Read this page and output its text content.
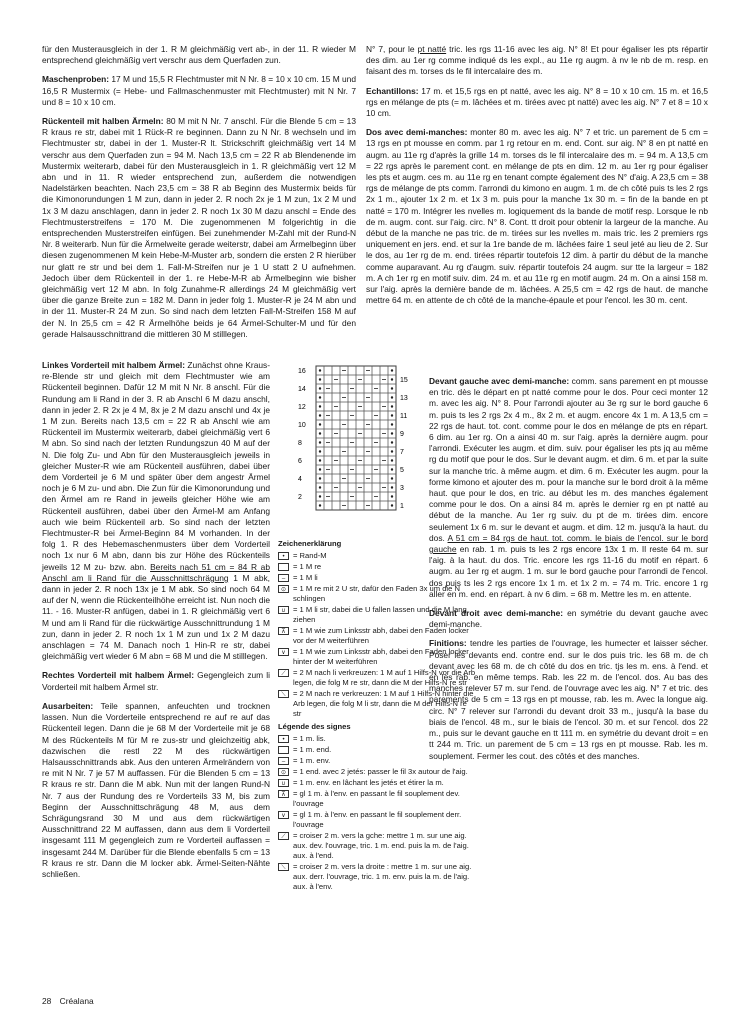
für den Musterausgleich in der 1. R M gleichmäßig vert ab-, in der 11. R wieder M entsprechend gleichmäßig vert verschr aus dem Querfaden zun.

Maschenproben: 17 M und 15,5 R Flechtmuster mit N Nr. 8 = 10 x 10 cm. 15 M und 16,5 R Mustermix (= Hebe- und Fallmaschenmuster mit Flechtmuster) mit N Nr. 7 und 8 = 10 x 10 cm.

Rückenteil mit halben Ärmeln: 80 M mit N Nr. 7 anschl. Für die Blende 5 cm = 13 R kraus re str, dabei mit 1 Rück-R re beginnen. Dann zu N Nr. 8 wechseln und im Flechtmuster str, dabei in der 1. Muster-R lt. Strickschrift gleichmäßig vert 14 M verschr aus dem Querfaden zun = 94 M. Nach 13,5 cm = 22 R ab Blendenende im Mustermix weiterarb, dabei für den Musterausgleich in 1. R gleichmäßig vert 12 M abn und in 11. R wieder entsprechend zun, außerdem die notwendigen Nadelstärken beachten. Nach 23,5 cm = 38 R ab Beginn des Mustermix beids für die Kimonorundungen 1 M zun, dann in jeder 2. R noch 2x je 1 M zun, 1x 2 M und 1x 3 M dazu anschlagen, dann in jeder 2. R noch 1x 30 M dazu anschl = Ende des Flechtmusterstreifens = 170 M. Die zugenommenen M folgerichtig in die entsprechenden Musterstreifen einfügen. Bei zunehmender M-Zahl mit der Rund-N Nr. 8 weiterarb. Nun für die Ärmelweite gerade weiterstr, dabei am Ärmelbeginn über diesen zugenommenen M kein Hebe-M-Muster arb, sondern die ersten 2 R hierüber nur glatt re str und bei dem 1. Fall-M-Streifen nur je 1 U statt 2 U aufnehmen. Jedoch über dem Rückenteil in der 1. re Hebe-M-R ab Ärmelbeginn wie bisher gleichmäßig vert 12 M abn. In folg Zunahme-R allerdings 24 M gleichmäßig vert über die ganze Breite zun = 182 M. Dann in jeder folg 1. Muster-R je 24 M abn und in der 11. Muster-R 24 M zun. So sind nach dem letzten Fall-M-Streifen 158 M auf der N. In 25,5 cm = 42 R Ärmelhöhe beids je 64 Ärmel-Schulter-M und für den gerade Halsausschnittrand die mittleren 30 M stilllegen.

N° 7, pour le pt natté tric. les rgs 11-16 avec les aig. N° 8! Et pour égaliser les pts répartir des dim. au 1er rg comme indiqué ds les expl., au 11e rg augm. à nv le nb de m. resp. en faisant des m. torses ds le fil intercalaire des m.

Echantillons: 17 m. et 15,5 rgs en pt natté, avec les aig. N° 8 = 10 x 10 cm. 15 m. et 16,5 rgs en mélange de pts (= m. lâchées et m. tirées avec pt natté) avec les aig. N° 7 et 8 = 10 x 10 cm.

Dos avec demi-manches: monter 80 m. avec les aig. N° 7 et tric. un parement de 5 cm = 13 rgs en pt mousse en comm. par 1 rg retour en m. end. Cont. sur aig. N° 8 en pt natté en augm. au 11e rg d'après la grille 14 m. torses ds le fil intercalaire des m. = 94 m. A 13,5 cm = 22 rgs après le parement cont. en mélange de pts en dim. 12 m. au 1er rg pour égaliser les pts et augm. ces m. au 11e rg en tenant compte également des N° d'aig. A 23,5 cm = 38 rgs de mélange de pts comm. l'arrondi du kimono en augm. 1 m. de ch côté puis ts les 2 rgs 2x 1 m., ajouter 1x 2 m. et 1x 3 m. puis pour la manche 1x 30 m. = fin de la bande en pt natté = 170 m. Intégrer les nvelles m. logiquement ds la bande de motif resp. Lorsque le nb de m. augm. cont. sur l'aig. circ. N° 8. Cont. tt droit pour obtenir la largeur de la manche. Au début de la manche ne pas tric. de m. tirées sur les nvelles m. mais tric. les 2 premiers rgs uniquement en jers. end. et sur la 1re bande de m. lâchées faire 1 seul jeté au lieu de 2. Sur le dos, au 1er rg de m. end. tirées répartir toutefois 12 dim. à partir du début de la manche comme auparavant. Au rg d'augm. suiv. répartir toutefois 24 augm. sur tte la largeur = 182 m. A ch 1er rg en motif suiv. dim. 24 m. et au 11e rg en motif augm. 24 m. On a ainsi 158 m. sur l'aig. après la dernière bande de m. lâchées. A 25,5 cm = 42 rgs de haut. de manche mettre 64 m. en attente de ch côté de la manche-épaule et pour l'encol. les 30 m. cent.

Linkes Vorderteil mit halbem Ärmel: Zunächst ohne Kraus-re-Blende str und gleich mit dem Flechtmuster wie am Rückenteil beginnen. Dafür 12 M mit N Nr. 8 anschl. Für die Rundung am li Rand in der 3. R ab Anschl 6 M dazu anschl, dann in jeder 2. R 2x je 4 M, 8x je 2 M dazu anschl und 4x je 1 M zun. Bereits nach 13,5 cm = 22 R ab Anschl wie am Rückenteil im Mustermix weiterarb, dabei gleichmäßig vert 6 M abn. So sind nach der letzten Rundungszun 40 M auf der N. Die folg Zu- und Abn für den Musterausgleich jeweils in gleicher Muster-R wie am Rückenteil ausführen, dabei über dem Vorderteil je 6 M und später über dem angestr Ärmel noch je 6 M zu- und abn. Die Zun für die Kimonorundung und den Ärmel am re Rand in jeweils gleicher Höhe wie am Rückenteil ausführen, dabei über den Ärmel-M am Anfang auch wie beim Rückenteil arb. So sind nach der letzten Flechtmuster-R bei Ärmel-Beginn 84 M vorhanden. In der folg 1. R des Hebemaschenmusters über dem Vorderteil noch 1x nur 6 M abn, dann bis zur Höhe des Rückenteils jeweils 12 M zu- bzw. abn. Bereits nach 51 cm = 84 R ab Anschl am li Rand für die Ausschnittschrägung 1 M abk, dann in jeder 2. R noch 13x je 1 M abk. So sind noch 64 M auf der N, wenn die Rückenteilhöhe erreicht ist. Nun noch die 11. - 16. Muster-R anfügen, dabei in 1. R gleichmäßig vert 6 M und am li Rand für die rückwärtige Ausschnittrundung 1 M zun, dann in jeder 2. R noch 1x 1 M zun und 1x 2 M dazu anschlagen = 74 M. Danach noch 1 Hin-R re str, dabei gleichmäßig vert wieder 6 M abn = 68 M und die M stilllegen.

Rechtes Vorderteil mit halbem Ärmel: Gegengleich zum li Vorderteil mit halbem Ärmel str.

Ausarbeiten: Teile spannen, anfeuchten und trocknen lassen. Nun die Vorderteile entsprechend re auf re auf das Rückenteil legen. Dann die je 68 M der Vorderteile mit je 68 M des Rückenteils M für M re zus-str und gleichzeitig abk, dazwischen die restl 22 M des rückwärtigen Halsausschnittrands abk. Aus den unteren Ärmelrändern von re mit N Nr. 7 je 57 M auffassen. Für die Blenden 5 cm = 13 R kraus re str. Dann die M abk. Nun mit der langen Rund-N Nr. 7 aus der Rundung des re Vorderteils 33 M, bis zum Beginn der Ausschnittschrägung 48 M, aus dem Schrägungsrand 30 M und aus dem rückwärtigen Ausschnittrand 22 M auffassen, dann aus dem li Vorderteil insgesamt 111 M gegengleich zum re Vorderteil auffassen = insgesamt 244 M. Darüber für die Blende ebenfalls 5 cm = 13 R kraus re str. Dann die M locker abk. Ärmel-Seiten-Nähte schließen.

Devant gauche avec demi-manche: comm. sans parement en pt mousse en tric. dès le départ en pt natté comme pour le dos. Pour ceci monter 12 m. avec les aig. N° 8. Pour l'arrondi ajouter au 3e rg sur le bord gauche 6 m. puis ts les 2 rgs 2x 4 m., 8x 2 m. et augm. encore 4x 1 m. A 13,5 cm = 22 rgs de haut. tot. cont. comme pour le dos en mélange de pts en répart. 6 dim. au 1er rg. On a ainsi 40 m. sur l'aig. après la dernière augm. pour l'arrondi. Exécuter les augm. et dim. suiv. pour égaliser les pts jq au même rg du motif que pour le dos. Sur le devant augm. et dim. 6 m. et par la suite sur la manche tric. à même augm. et dim. 6 m. Exécuter les augm. pour la forme kimono et ajouter des m. pour la manche sur le bord droit à la même haut. que pour le dos, en tric. au début les m. des manches également comme pour le dos. On a ainsi 84 m. après le dernier rg en pt natté au début de la manche. Au 1er rg suiv. du pt de m. tirées dim. encore seulement 1x 6 m. sur le devant et augm. et dim. 12 m. jusqu'à la haut. du dos. A 51 cm = 84 rgs de haut. tot. comm. le biais de l'encol. sur le bord gauche en rab. 1 m. puis ts les 2 rgs encore 13x 1 m. Il reste 64 m. sur l'aig. à la haut. du dos. Tric. encore les rgs 11-16 du motif en répart. 6 augm. au 1er rg et augm. 1 m. sur le bord gauche pour l'arrondi de l'encol. dos puis ts les 2 rgs encore 1x 1 m. et 1x 2 m. = 74 m. Tric. encore 1 rg aller en m. end. en répart. à nv 6 dim. = 68 m. Mettre les m. en attente.

Devant droit avec demi-manche: en symétrie du devant gauche avec demi-manche.

Finitions: tendre les parties de l'ouvrage, les humecter et laisser sécher. Poser les devants end. contre end. sur le dos puis tric. les 68 m. de ch devant avec les 68 m. de ch côté du dos en tric. tjs les m. ens. à l'end. et en les rab. en même temps. Rab. les 22 m. de l'encol. dos. Au bas des manches relever 57 m. sur l'end. de l'ouvrage avec les aig. N° 7 et tric. des parements de 5 cm = 13 rgs en pt mousse, rab. les m. Avec la longue aig. circ. N° 7 relever sur l'arrondi du devant droit 33 m., jusqu'à la base du biais de l'encol. 48 m., sur le biais de l'encol. 30 m. et sur l'encol. dos 22 m., puis sur le devant gauche en tt 111 m. en symétrie du devant droit = en tt 244 m. Tric. un parement de 5 cm = 13 rgs en pt mousse. Rab. les m. souplement. Fermer les cout. des côtés et des manches.

16
14
12
10
8
6
4
2
15
13
11
9
7
5
3
1
Zeichenerklärung
•	= Rand-M
= 1 M re
–	= 1 M li
⊙ = 1 M re mit 2 U str, dafür den Faden 3x um die N schlingen
∪ = 1 M li str, dabei die U fallen lassen und die M lang ziehen
⊼ = 1 M wie zum Linksstr abh, dabei den Faden locker vor der M weiterführen
∨ = 1 M wie zum Linksstr abh, dabei den Faden locker hinter der M weiterführen
⟋ = 2 M nach li verkreuzen: 1 M auf 1 Hilfs-N vor die Arb legen, die folg M re str, dann die M der Hilfs-N re str
⟍ = 2 M nach re verkreuzen: 1 M auf 1 Hilfs-N hinter die Arb legen, die folg M li str, dann die M der Hilfs-N re str
Légende des signes
•	= 1 m. lis.
= 1 m. end.
–	= 1 m. env.
⊙ = 1 end. avec 2 jetés: passer le fil 3x autour de l'aig.
∪ = 1 m. env. en lâchant les jetés et étirer la m.
⊼ = gl 1 m. à l'env. en passant le fil souplement dev. l'ouvrage
∨ = gl 1 m. à l'env. en passant le fil souplement derr. l'ouvrage
⟋ = croiser 2 m. vers la gche: mettre 1 m. sur une aig. aux. dev. l'ouvrage, tric. 1 m. end. puis la m. de l'aig. aux. à l'end.
⟍ = croiser 2 m. vers la droite : mettre 1 m. sur une aig. aux. derr. l'ouvrage, tric. 1 m. env. puis la m. de l'aig. aux. à l'env.
28 Créalana
